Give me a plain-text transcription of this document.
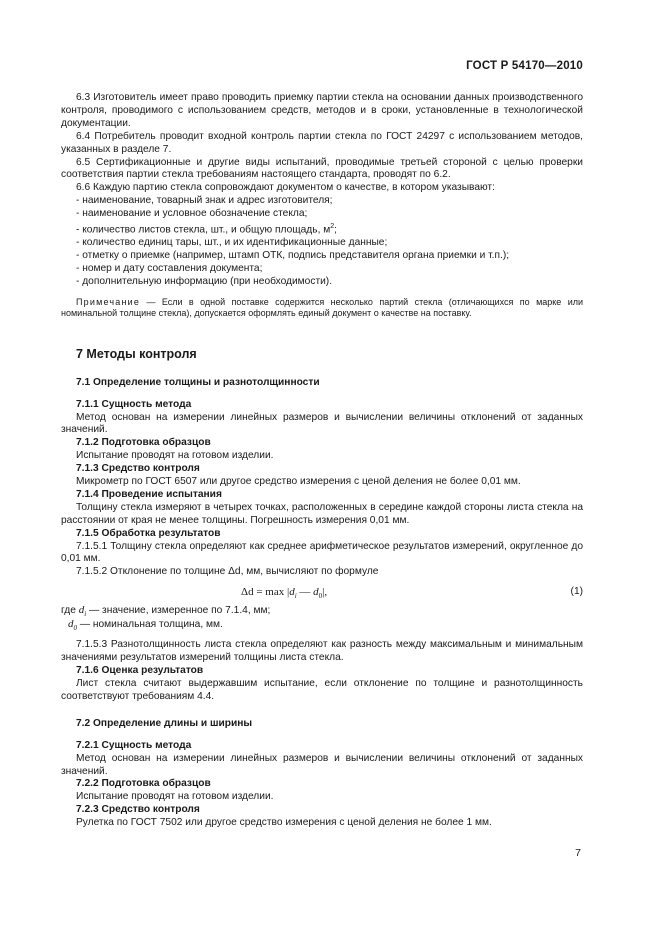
ГОСТ Р 54170—2010

6.3 Изготовитель имеет право проводить приемку партии стекла на основании данных производственного контроля, проводимого с использованием средств, методов и в сроки, установленные в технологической документации.

6.4 Потребитель проводит входной контроль партии стекла по ГОСТ 24297 с использованием методов, указанных в разделе 7.

6.5 Сертификационные и другие виды испытаний, проводимые третьей стороной с целью проверки соответствия партии стекла требованиям настоящего стандарта, проводят по 6.2.

6.6 Каждую партию стекла сопровождают документом о качестве, в котором указывают:

- наименование, товарный знак и адрес изготовителя;

- наименование и условное обозначение стекла;

- количество листов стекла, шт., и общую площадь, $м^2$;

- количество единиц тары, шт., и их идентификационные данные;

- отметку о приемке (например, штамп ОТК, подпись представителя органа приемки и т.п.);

- номер и дату составления документа;

- дополнительную информацию (при необходимости).

Примечание — Если в одной поставке содержится несколько партий стекла (отличающихся по марке или номинальной толщине стекла), допускается оформлять единый документ о качестве на поставку.

7 Методы контроля
7.1 Определение толщины и разнотолщинности
7.1.1 Сущность метода

Метод основан на измерении линейных размеров и вычислении величины отклонений от заданных значений.

7.1.2 Подготовка образцов

Испытание проводят на готовом изделии.

7.1.3 Средство контроля

Микрометр по ГОСТ 6507 или другое средство измерения с ценой деления не более 0,01 мм.

7.1.4 Проведение испытания

Толщину стекла измеряют в четырех точках, расположенных в середине каждой стороны листа стекла на расстоянии от края не менее толщины. Погрешность измерения 0,01 мм.

7.1.5 Обработка результатов

7.1.5.1 Толщину стекла определяют как среднее арифметическое результатов измерений, округленное до 0,01 мм.

7.1.5.2 Отклонение по толщине Δd, мм, вычисляют по формуле

$\Delta d = \max |d_i$ — $d_0|$,	(1)
где $d_i$ — значение, измеренное по 7.1.4, мм;
$d_0$ — номинальная толщина, мм.

7.1.5.3 Разнотолщинность листа стекла определяют как разность между максимальным и минимальным значениями результатов измерений толщины листа стекла.

7.1.6 Оценка результатов

Лист стекла считают выдержавшим испытание, если отклонение по толщине и разнотолщинность соответствуют требованиям 4.4.

7.2 Определение длины и ширины
7.2.1 Сущность метода

Метод основан на измерении линейных размеров и вычислении величины отклонений от заданных значений.

7.2.2 Подготовка образцов

Испытание проводят на готовом изделии.

7.2.3 Средство контроля

Рулетка по ГОСТ 7502 или другое средство измерения с ценой деления не более 1 мм.

7
